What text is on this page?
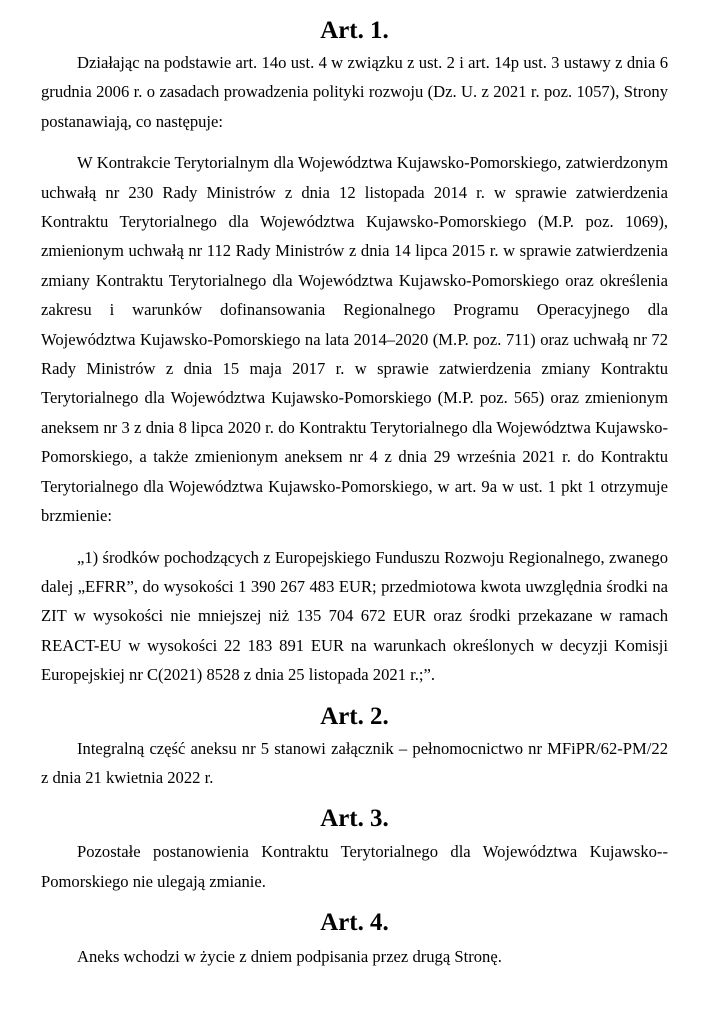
Art. 1.

Działając na podstawie art. 14o ust. 4 w związku z ust. 2 i art. 14p ust. 3 ustawy z dnia 6 grudnia 2006 r. o zasadach prowadzenia polityki rozwoju (Dz. U. z 2021 r. poz. 1057), Strony postanawiają, co następuje:

W Kontrakcie Terytorialnym dla Województwa Kujawsko-Pomorskiego, zatwierdzonym uchwałą nr 230 Rady Ministrów z dnia 12 listopada 2014 r. w sprawie zatwierdzenia Kontraktu Terytorialnego dla Województwa Kujawsko-Pomorskiego (M.P. poz. 1069), zmienionym uchwałą nr 112 Rady Ministrów z dnia 14 lipca 2015 r. w sprawie zatwierdzenia zmiany Kontraktu Terytorialnego dla Województwa Kujawsko-Pomorskiego oraz określenia zakresu i warunków dofinansowania Regionalnego Programu Operacyjnego dla Województwa Kujawsko-Pomorskiego na lata 2014–2020 (M.P. poz. 711) oraz uchwałą nr 72 Rady Ministrów z dnia 15 maja 2017 r. w sprawie zatwierdzenia zmiany Kontraktu Terytorialnego dla Województwa Kujawsko-Pomorskiego (M.P. poz. 565) oraz zmienionym aneksem nr 3 z dnia 8 lipca 2020 r. do Kontraktu Terytorialnego dla Województwa Kujawsko-Pomorskiego, a także zmienionym aneksem nr 4 z dnia 29 września 2021 r. do Kontraktu Terytorialnego dla Województwa Kujawsko-Pomorskiego, w art. 9a w ust. 1 pkt 1 otrzymuje brzmienie:

„1) środków pochodzących z Europejskiego Funduszu Rozwoju Regionalnego, zwanego dalej „EFRR”, do wysokości 1 390 267 483 EUR; przedmiotowa kwota uwzględnia środki na ZIT w wysokości nie mniejszej niż 135 704 672 EUR oraz środki przekazane w ramach REACT-EU w wysokości 22 183 891 EUR na warunkach określonych w decyzji Komisji Europejskiej nr C(2021) 8528 z dnia 25 listopada 2021 r.;”.

Art. 2.

Integralną część aneksu nr 5 stanowi załącznik – pełnomocnictwo nr MFiPR/62-PM/22 z dnia 21 kwietnia 2022 r.

Art. 3.

Pozostałe postanowienia Kontraktu Terytorialnego dla Województwa Kujawsko-​-Pomorskiego nie ulegają zmianie.

Art. 4.

Aneks wchodzi w życie z dniem podpisania przez drugą Stronę.
